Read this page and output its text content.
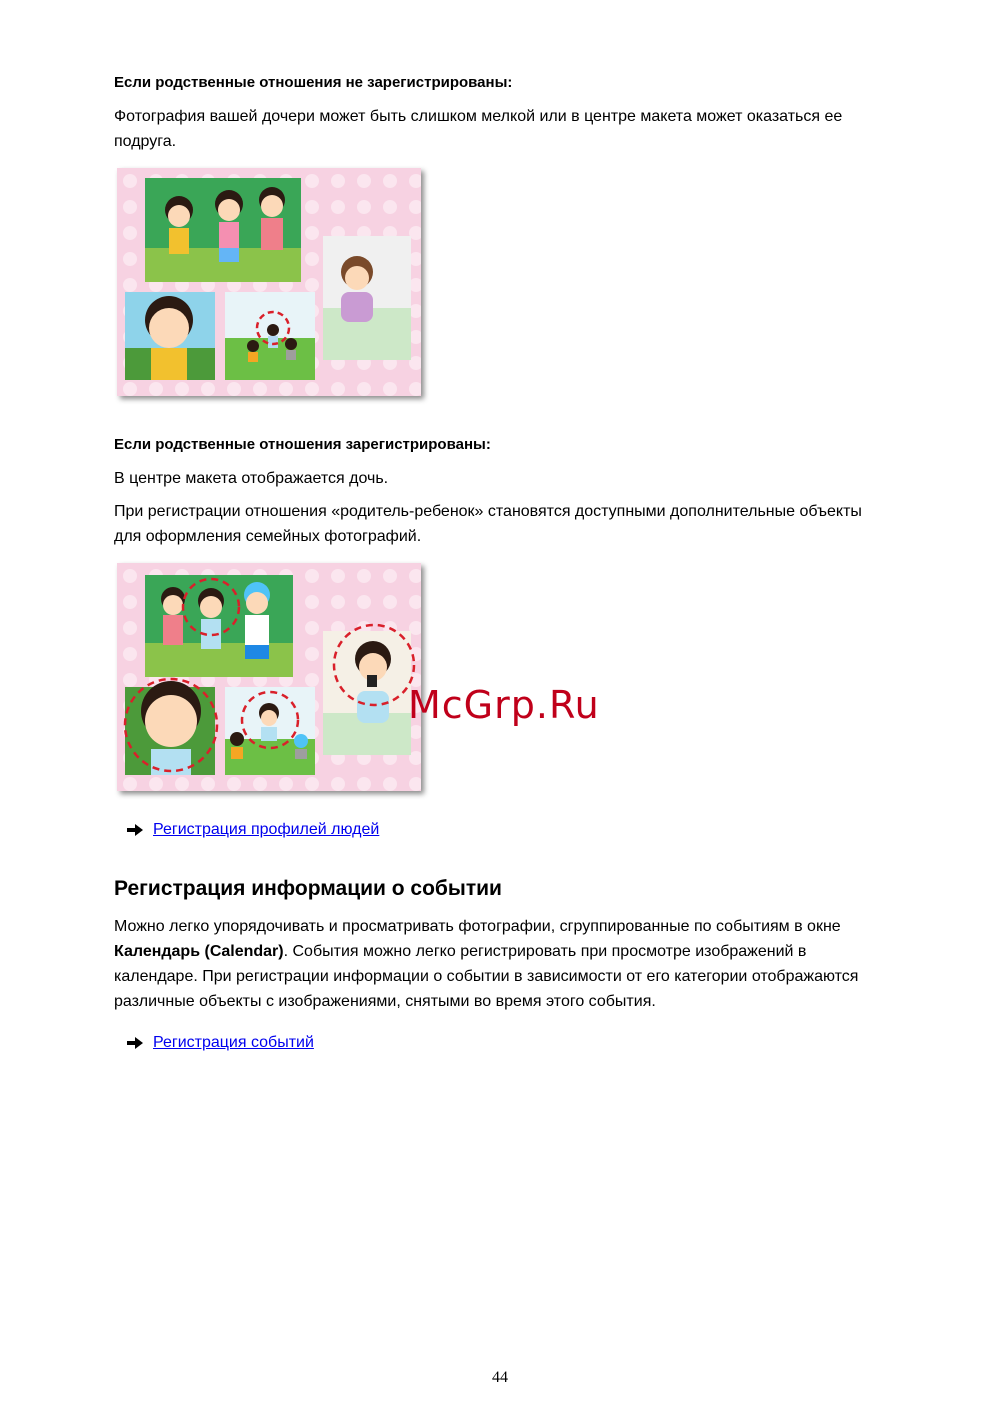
Если родственные отношения не зарегистрированы:
Фотография вашей дочери может быть слишком мелкой или в центре макета может оказаться ее
подруга.
Если родственные отношения зарегистрированы:
В центре макета отображается дочь.
При регистрации отношения «родитель-ребенок» становятся доступными дополнительные объекты
для оформления семейных фотографий.
Регистрация профилей людей
Регистрация информации о событии
Можно легко упорядочивать и просматривать фотографии, сгруппированные по событиям в окне
Календарь (Calendar). События можно легко регистрировать при просмотре изображений в
календаре. При регистрации информации о событии в зависимости от его категории отображаются
различные объекты с изображениями, снятыми во время этого события.
Регистрация событий
McGrp.Ru
44
